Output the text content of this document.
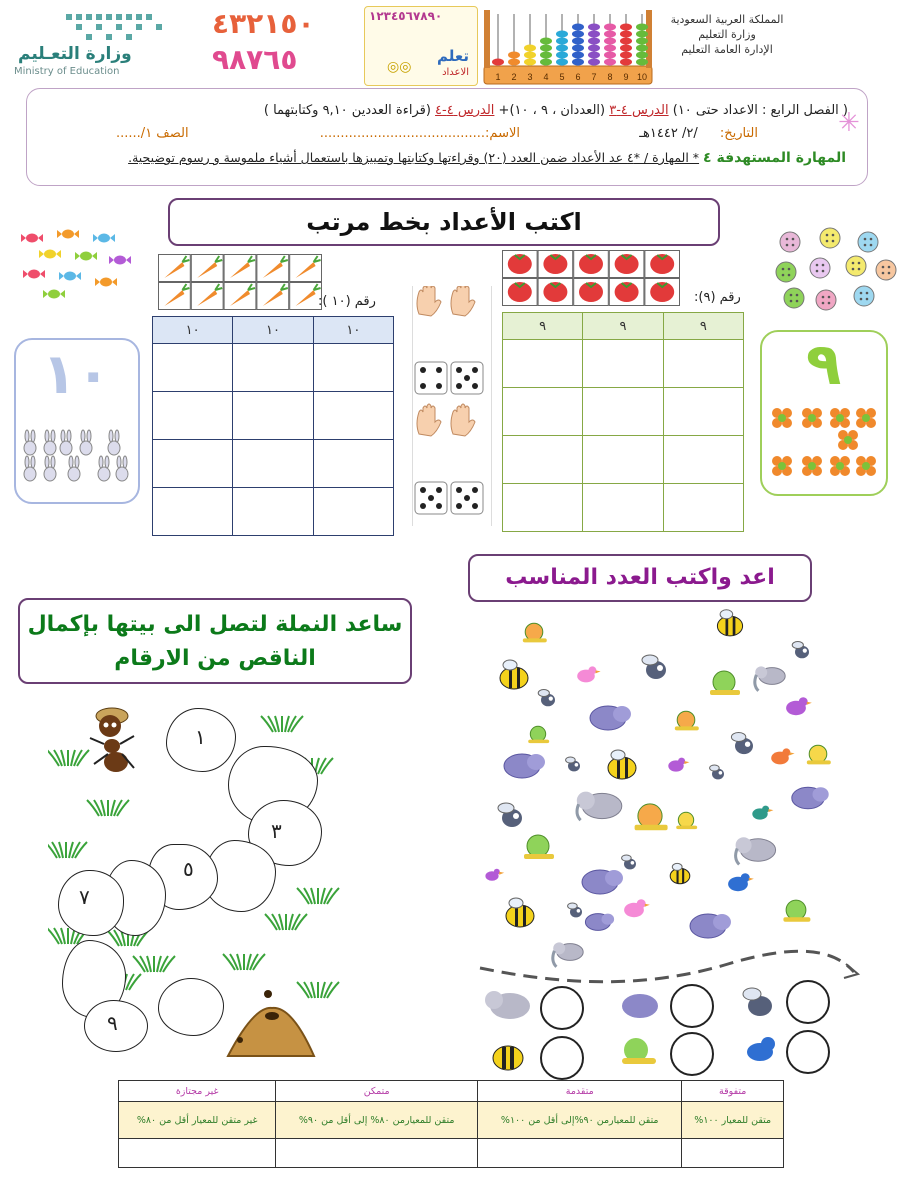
المملكة العربية السعودية
وزارة التعليم
الإدارة العامة التعليم
وزارة التعـليم
Ministry of Education
٤٣٢١٥٠
٩٨٧٦٥
١٢٣٤٥٦٧٨٩٠
تعلم
الاعداد
◎◎
1 2 3 4 5 6 7 8 9 10
( الفصل الرابع : الاعداد حتى ١٠) الدرس ٤-٣ (العددان ، ٩ ، ١٠)+ الدرس ٤-٤ (قراءة العددين ٩,١٠ وكتابتهما )
التاريخ: /٢/ ١٤٤٢هـ
الاسم:........................................
الصف ١/......
المهارة المستهدفة ٤ * المهارة / *٤ عد الأعداد ضمن العدد (٢٠) وقراءتها وكتابتها وتمييزها باستعمال أشياء ملموسة و رسوم توضيحية.
✳
اكتب الأعداد بخط مرتب
رقم (١٠ ):	رقم (٩):
١٠	١٠	١٠

			٩	٩	٩

١٠	٩
اعد واكتب العدد المناسب
ساعد النملة لتصل الى بيتها بإكمال الناقص من الارقام
١
٣
٥
٧
٩
متفوقة	متقدمة	متمكن	غير مجتازة
متقن للمعيار ١٠٠%	متقن للمعيارمن ٩٠%إلى أقل من ١٠٠%	متقن للمعيارمن ٨٠% إلى أقل من ٩٠%	غير متقن للمعيار أقل من ٨٠%
